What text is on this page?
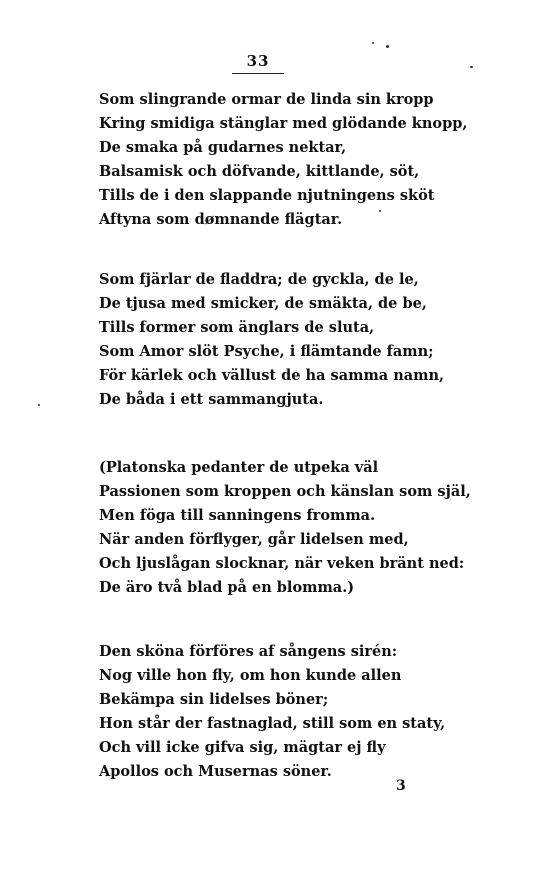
33
Som slingrande ormar de linda sin kropp
Kring smidiga stänglar med glödande knopp,
De smaka på gudarnes nektar,
Balsamisk och döfvande, kittlande, söt,
Tills de i den slappande njutningens sköt
Aftyna som dømnande flägtar.
Som fjärlar de fladdra; de gyckla, de le,
De tjusa med smicker, de smäkta, de be,
Tills former som änglars de sluta,
Som Amor slöt Psyche, i flämtande famn;
För kärlek och vällust de ha samma namn,
De båda i ett sammangjuta.
(Platonska pedanter de utpeka väl
Passionen som kroppen och känslan som själ,
Men föga till sanningens fromma.
När anden förflyger, går lidelsen med,
Och ljuslågan slocknar, när veken bränt ned:
De äro två blad på en blomma.)
Den sköna förföres af sångens sirén:
Nog ville hon fly, om hon kunde allen
Bekämpa sin lidelses böner;
Hon står der fastnaglad, still som en staty,
Och vill icke gifva sig, mägtar ej fly
Apollos och Musernas söner.
3
